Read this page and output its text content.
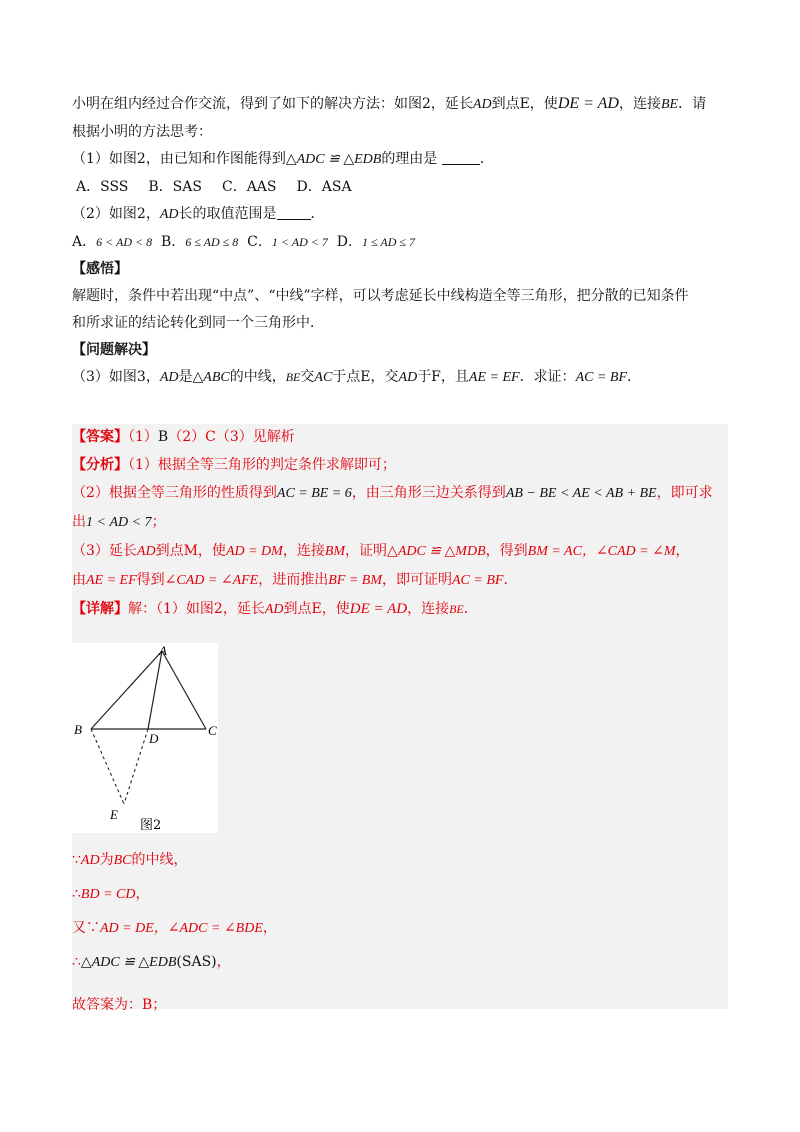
小明在组内经过合作交流，得到了如下的解决方法：如图2，延长AD到点E，使DE = AD，连接BE．请
根据小明的方法思考：
（1）如图2，由已知和作图能得到△ADC ≌ △EDB的理由是	．
A．SSS B．SAS C．AAS D．ASA
（2）如图2，AD长的取值范围是 ．
A．6 < AD < 8 B．6 ≤ AD ≤ 8 C．1 < AD < 7 D．1 ≤ AD ≤ 7
【感悟】
解题时，条件中若出现“中点”、“中线”字样，可以考虑延长中线构造全等三角形，把分散的已知条件
和所求证的结论转化到同一个三角形中．
【问题解决】
（3）如图3，AD是△ABC的中线，BE交AC于点E，交AD于F，且AE = EF．求证：AC = BF．
【答案】（1）B（2）C（3）见解析
【分析】（1）根据全等三角形的判定条件求解即可；
（2）根据全等三角形的性质得到AC = BE = 6，由三角形三边关系得到AB − BE < AE < AB + BE，即可求
出1 < AD < 7；
（3）延长AD到点M，使AD = DM，连接BM，证明△ADC ≌ △MDB，得到BM = AC，∠CAD = ∠M，
由AE = EF得到∠CAD = ∠AFE，进而推出BF = BM，即可证明AC = BF．
【详解】解：（1）如图2，延长AD到点E，使DE = AD，连接BE．
A
B	C
D
E
图2
∵AD为BC的中线，
∴BD = CD，
又∵AD = DE，∠ADC = ∠BDE，
∴△ADC ≌ △EDB(SAS)，
故答案为：B；
